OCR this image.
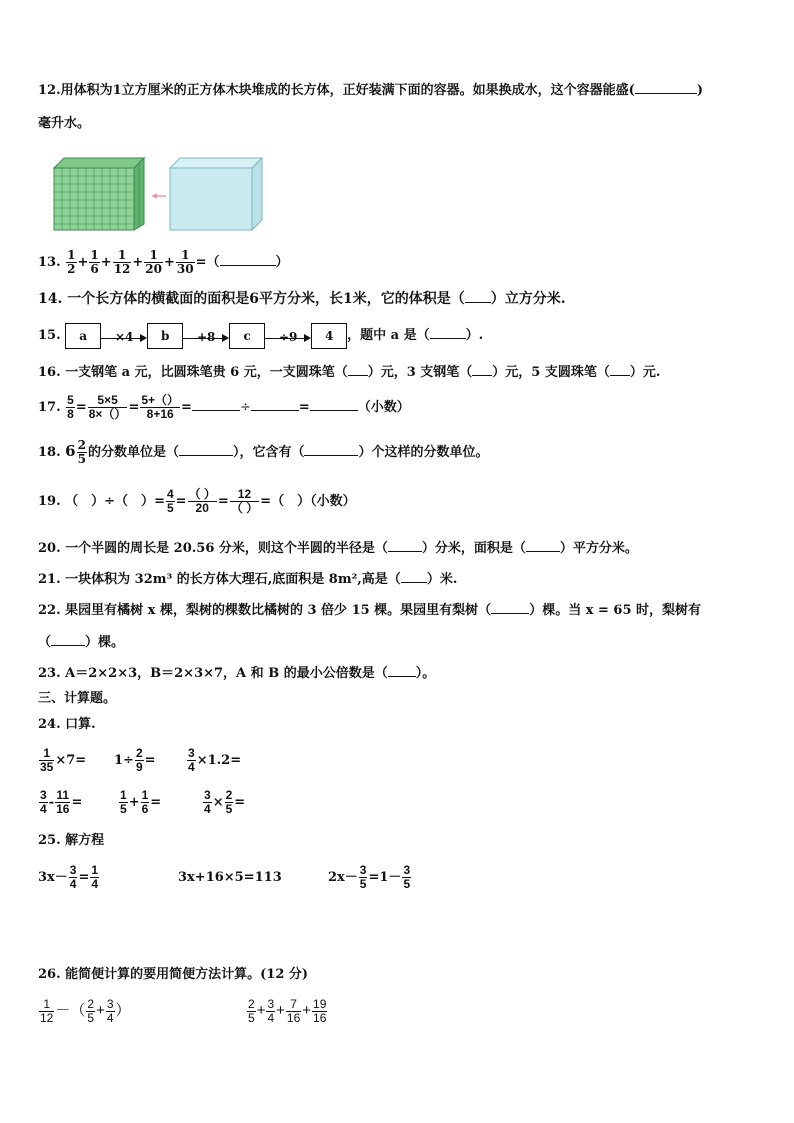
12.用体积为1立方厘米的正方体木块堆成的长方体，正好装满下面的容器。如果换成水，这个容器能盛(	)
毫升水。
13. $\frac{1}{2} + \frac{1}{6} + \frac{1}{12} + \frac{1}{20} + \frac{1}{30}$ =（	）
14. 一个长方体的横截面的面积是6平方分米，长1米，它的体积是（ ）立方分米.
15. a	×4	b	+8	c	÷9	4 ，题中 a 是（	）.
16. 一支钢笔 a 元，比圆珠笔贵 6 元，一支圆珠笔（ ）元，3 支钢笔（ ）元，5 支圆珠笔（ ）元.
17. $\frac{5}{8} = \frac{5\times 5}{8\times()} = \frac{5+()}{8+16}$ =	÷	=	（小数）
18. $6 \frac{2}{5}$ 的分数单位是（	），它含有（	）个这样的分数单位。
19. （　）÷（　）= $\frac{4}{5} = \frac{( )}{20} = \frac{12}{( )}$ =（　）（小数）
20. 一个半圆的周长是 20.56 分米，则这个半圆的半径是（	）分米，面积是（	）平方分米。
21. 一块体积为 32m³ 的长方体大理石,底面积是 8m²,高是（ ）米.
22. 果园里有橘树 x 棵，梨树的棵数比橘树的 3 倍少 15 棵。果园里有梨树（	）棵。当 x = 65 时，梨树有
（	）棵。
23. A＝2×2×3，B＝2×3×7，A 和 B 的最小公倍数是（ ）。
三、计算题。
24. 口算.
$\frac{1}{35} \times 7= 1\div \frac{2}{9}$ =	$\frac{3}{4} \times 1.2=$
$\frac{3}{4} - \frac{11}{16}$ =	$\frac{1}{5} + \frac{1}{6}$ =	$\frac{3}{4} \times \frac{2}{5}$ =
25. 解方程
$3x- \frac{3}{4} = \frac{1}{4}$	3x+16×5=113	$2x- \frac{3}{5} =1- \frac{3}{5}$
26. 能简便计算的要用简便方法计算。(12 分)
$\frac{1}{12}$ －（ $\frac{2}{5} + \frac{3}{4}$ ）	$\frac{2}{5} + \frac{3}{4} + \frac{7}{16} + \frac{19}{16}$
